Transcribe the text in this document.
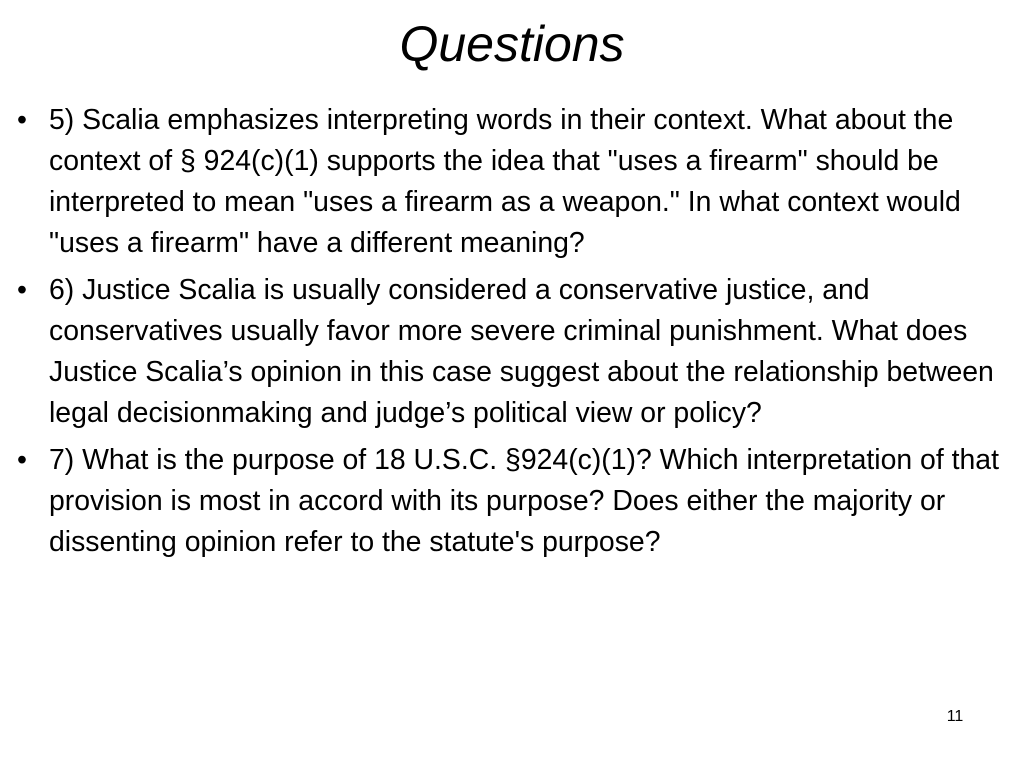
Questions
• 5) Scalia emphasizes interpreting words in their context. What about the context of § 924(c)(1) supports the idea that "uses a firearm" should be interpreted to mean "uses a firearm as a weapon." In what context would "uses a firearm" have a different meaning?
• 6) Justice Scalia is usually considered a conservative justice, and conservatives usually favor more severe criminal punishment. What does Justice Scalia’s opinion in this case suggest about the relationship between legal decisionmaking and judge’s political view or policy?
• 7) What is the purpose of 18 U.S.C. §924(c)(1)? Which interpretation of that provision is most in accord with its purpose? Does either the majority or dissenting opinion refer to the statute's purpose?
11
